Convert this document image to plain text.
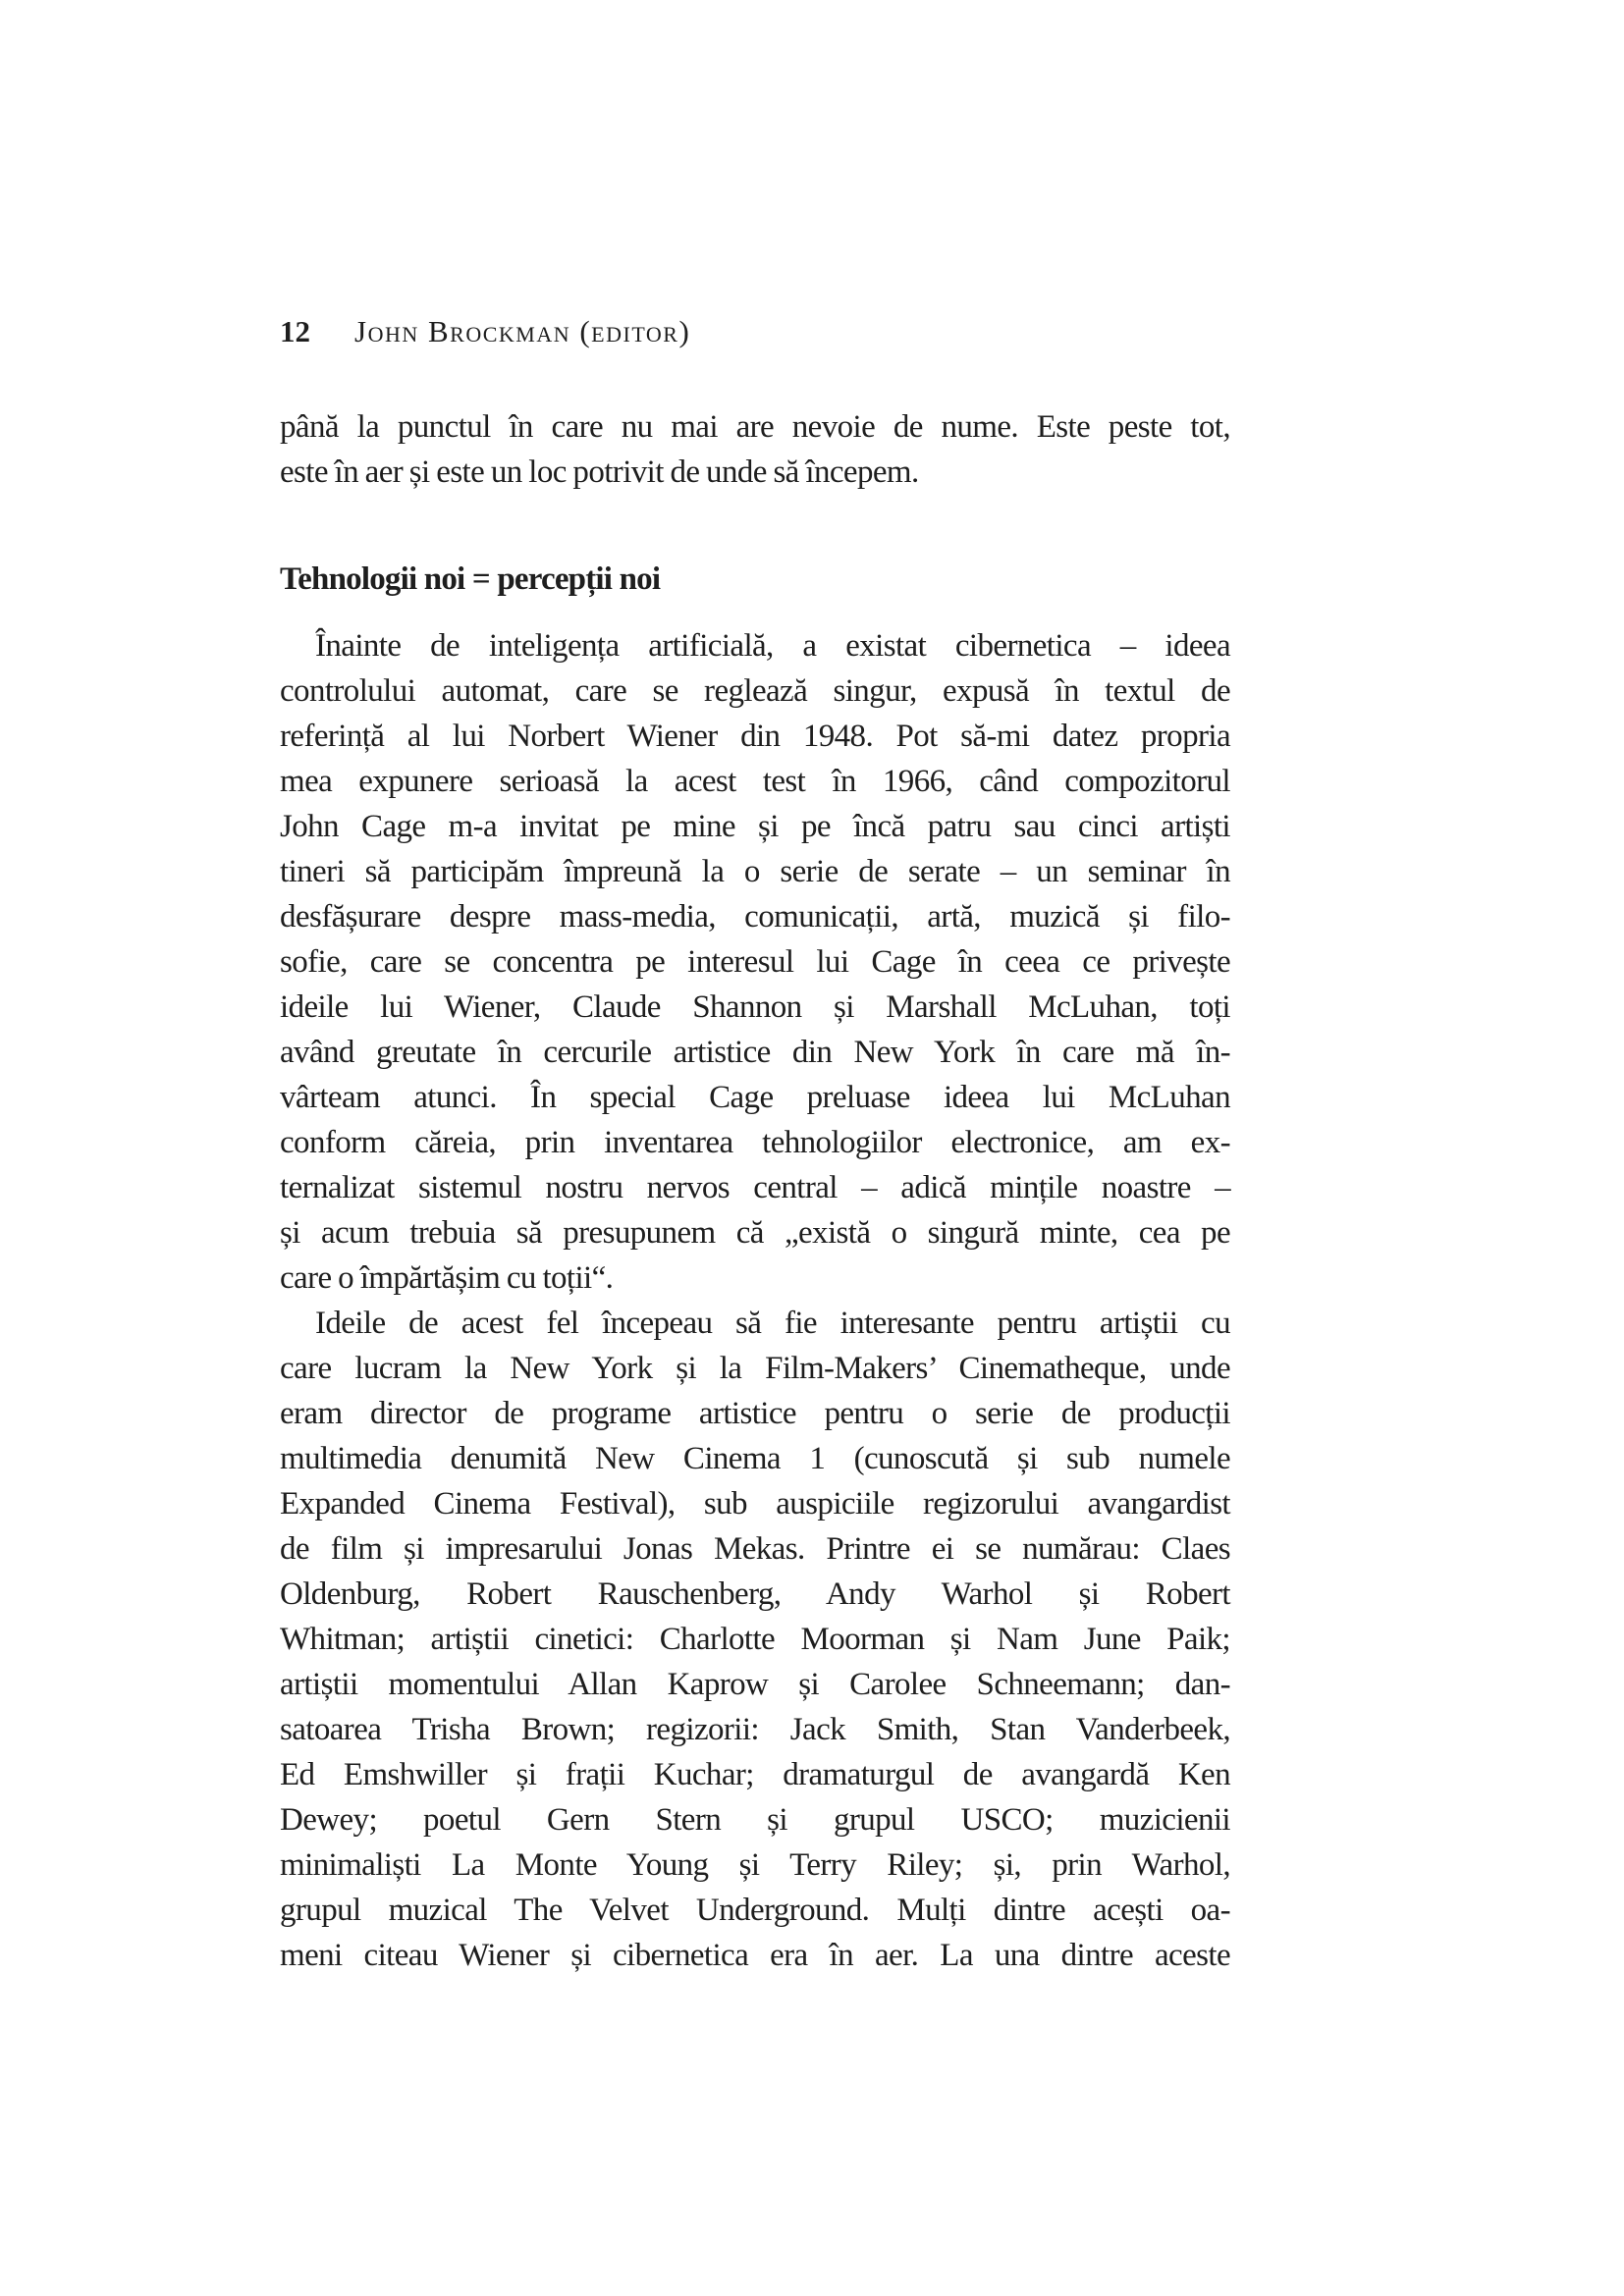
12 John Brockman (editor)
până la punctul în care nu mai are nevoie de nume. Este peste tot,
este în aer și este un loc potrivit de unde să începem.
Tehnologii noi = percepții noi
Înainte de inteligența artificială, a existat cibernetica – ideea
controlului automat, care se reglează singur, expusă în textul de
referință al lui Norbert Wiener din 1948. Pot să-mi datez propria
mea expunere serioasă la acest test în 1966, când compozitorul
John Cage m-a invitat pe mine și pe încă patru sau cinci artiști
tineri să participăm împreună la o serie de serate – un seminar în
desfășurare despre mass-media, comunicații, artă, muzică și filo-
sofie, care se concentra pe interesul lui Cage în ceea ce privește
ideile lui Wiener, Claude Shannon și Marshall McLuhan, toți
având greutate în cercurile artistice din New York în care mă în-
vârteam atunci. În special Cage preluase ideea lui McLuhan
conform căreia, prin inventarea tehnologiilor electronice, am ex-
ternalizat sistemul nostru nervos central – adică mințile noastre –
și acum trebuia să presupunem că „există o singură minte, cea pe
care o împărtășim cu toții“.
Ideile de acest fel începeau să fie interesante pentru artiștii cu
care lucram la New York și la Film-Makers’ Cinematheque, unde
eram director de programe artistice pentru o serie de producții
multimedia denumită New Cinema 1 (cunoscută și sub numele
Expanded Cinema Festival), sub auspiciile regizorului avangardist
de film și impresarului Jonas Mekas. Printre ei se numărau: Claes
Oldenburg, Robert Rauschenberg, Andy Warhol și Robert
Whitman; artiștii cinetici: Charlotte Moorman și Nam June Paik;
artiștii momentului Allan Kaprow și Carolee Schneemann; dan-
satoarea Trisha Brown; regizorii: Jack Smith, Stan Vanderbeek,
Ed Emshwiller și frații Kuchar; dramaturgul de avangardă Ken
Dewey; poetul Gern Stern și grupul USCO; muzicienii
minimaliști La Monte Young și Terry Riley; și, prin Warhol,
grupul muzical The Velvet Underground. Mulți dintre acești oa-
meni citeau Wiener și cibernetica era în aer. La una dintre aceste
